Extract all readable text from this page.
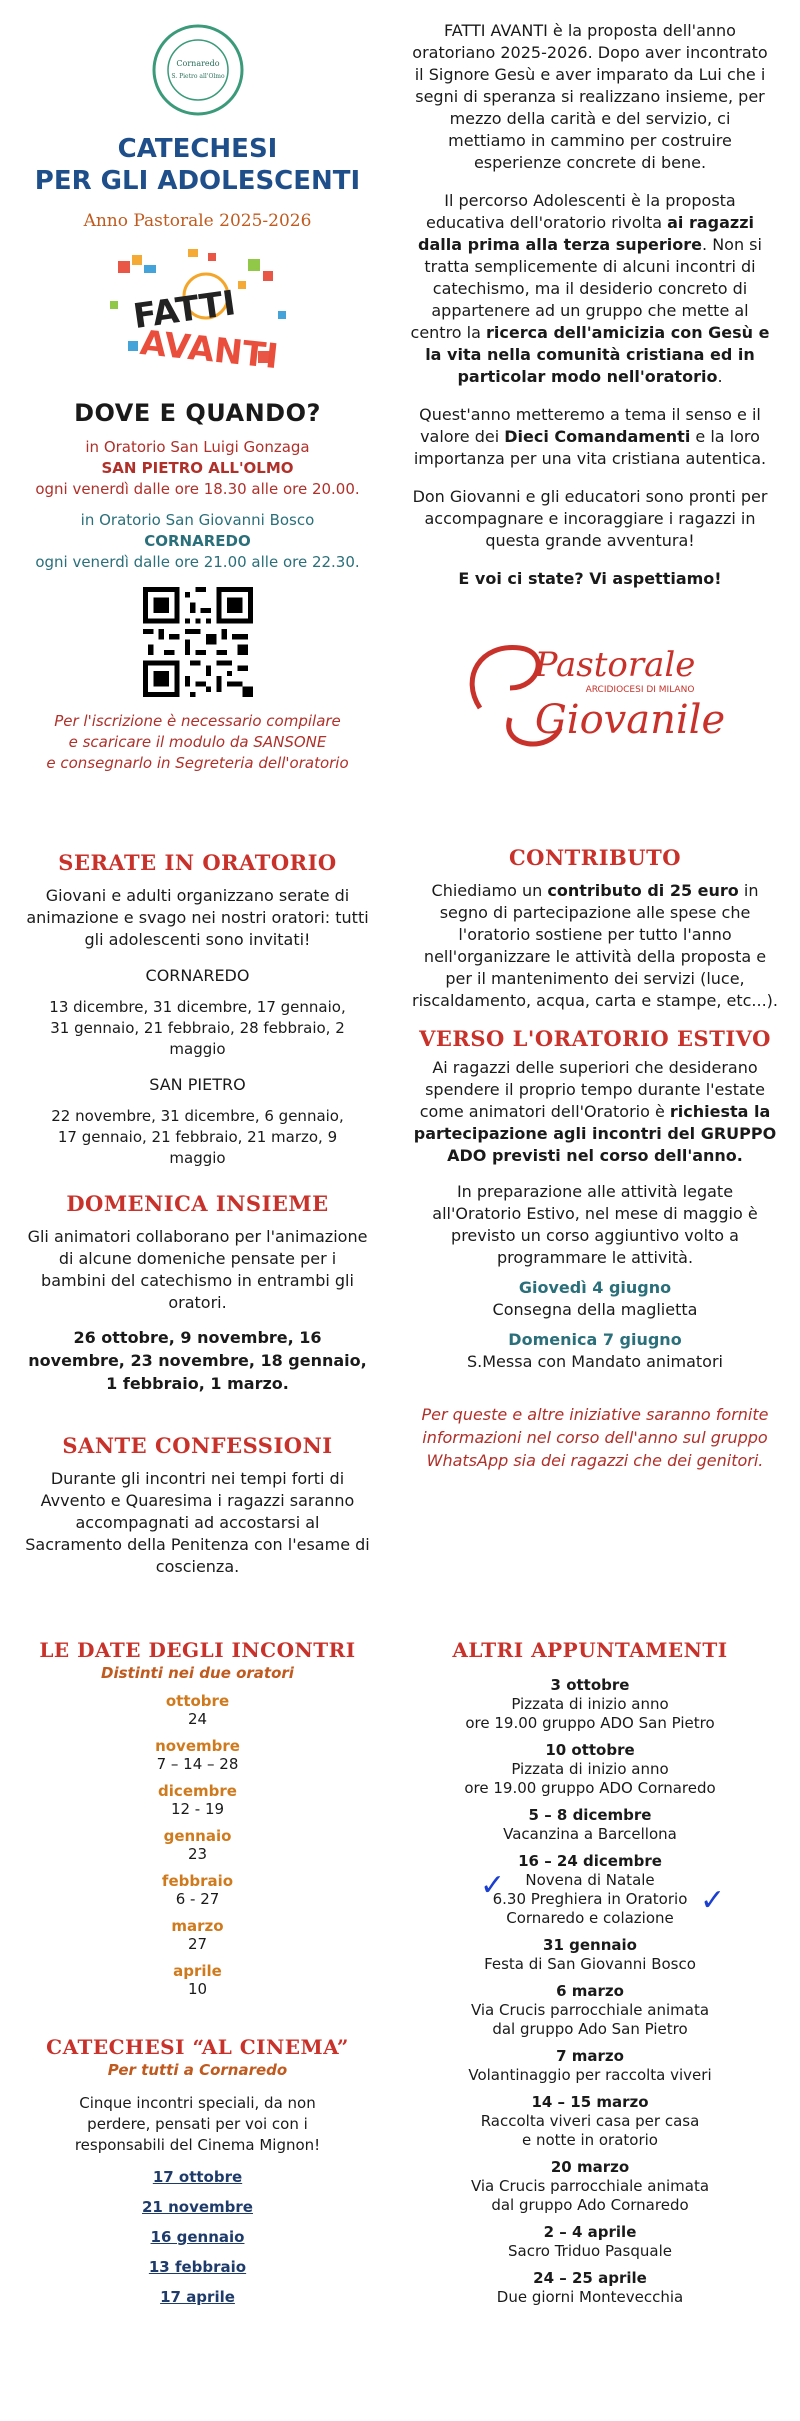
Cornaredo
S. Pietro all'Olmo
CATECHESI
PER GLI ADOLESCENTI
Anno Pastorale 2025-2026
FATTI
AVANTI
DOVE E QUANDO?
in Oratorio San Luigi Gonzaga
SAN PIETRO ALL'OLMO
ogni venerdì dalle ore 18.30 alle ore 20.00.
in Oratorio San Giovanni Bosco
CORNAREDO
ogni venerdì dalle ore 21.00 alle ore 22.30.
Per l'iscrizione è necessario compilare
e scaricare il modulo da SANSONE
e consegnarlo in Segreteria dell'oratorio

FATTI AVANTI è la proposta dell'anno oratoriano 2025-2026. Dopo aver incontrato il Signore Gesù e aver imparato da Lui che i segni di speranza si realizzano insieme, per mezzo della carità e del servizio, ci mettiamo in cammino per costruire esperienze concrete di bene.

Il percorso Adolescenti è la proposta educativa dell'oratorio rivolta ai ragazzi dalla prima alla terza superiore. Non si tratta semplicemente di alcuni incontri di catechismo, ma il desiderio concreto di appartenere ad un gruppo che mette al centro la ricerca dell'amicizia con Gesù e la vita nella comunità cristiana ed in particolar modo nell'oratorio.

Quest'anno metteremo a tema il senso e il valore dei Dieci Comandamenti e la loro importanza per una vita cristiana autentica.

Don Giovanni e gli educatori sono pronti per accompagnare e incoraggiare i ragazzi in questa grande avventura!

E voi ci state? Vi aspettiamo!

Pastorale
ARCIDIOCESI DI MILANO
Giovanile
SERATE IN ORATORIO

Giovani e adulti organizzano serate di animazione e svago nei nostri oratori: tutti gli adolescenti sono invitati!

CORNAREDO

13 dicembre, 31 dicembre, 17 gennaio, 31 gennaio, 21 febbraio, 28 febbraio, 2 maggio

SAN PIETRO

22 novembre, 31 dicembre, 6 gennaio, 17 gennaio, 21 febbraio, 21 marzo, 9 maggio

DOMENICA INSIEME

Gli animatori collaborano per l'animazione di alcune domeniche pensate per i bambini del catechismo in entrambi gli oratori.

26 ottobre, 9 novembre, 16 novembre, 23 novembre, 18 gennaio, 1 febbraio, 1 marzo.

SANTE CONFESSIONI

Durante gli incontri nei tempi forti di Avvento e Quaresima i ragazzi saranno accompagnati ad accostarsi al Sacramento della Penitenza con l'esame di coscienza.

CONTRIBUTO

Chiediamo un contributo di 25 euro in segno di partecipazione alle spese che l'oratorio sostiene per tutto l'anno nell'organizzare le attività della proposta e per il mantenimento dei servizi (luce, riscaldamento, acqua, carta e stampe, etc...).

VERSO L'ORATORIO ESTIVO

Ai ragazzi delle superiori che desiderano spendere il proprio tempo durante l'estate come animatori dell'Oratorio è richiesta la partecipazione agli incontri del GRUPPO ADO previsti nel corso dell'anno.

In preparazione alle attività legate all'Oratorio Estivo, nel mese di maggio è previsto un corso aggiuntivo volto a programmare le attività.

Giovedì 4 giugno
Consegna della maglietta
Domenica 7 giugno
S.Messa con Mandato animatori

Per queste e altre iniziative saranno fornite informazioni nel corso dell'anno sul gruppo WhatsApp sia dei ragazzi che dei genitori.

LE DATE DEGLI INCONTRI
Distinti nei due oratori
ottobre
24
novembre
7 – 14 – 28
dicembre
12 - 19
gennaio
23
febbraio
6 - 27
marzo
27
aprile
10
CATECHESI “AL CINEMA”
Per tutti a Cornaredo

Cinque incontri speciali, da non perdere, pensati per voi con i responsabili del Cinema Mignon!

17 ottobre
21 novembre
16 gennaio
13 febbraio
17 aprile
ALTRI APPUNTAMENTI
3 ottobre
Pizzata di inizio anno
ore 19.00 gruppo ADO San Pietro
10 ottobre
Pizzata di inizio anno
ore 19.00 gruppo ADO Cornaredo
5 – 8 dicembre
Vacanzina a Barcellona
16 – 24 dicembre
Novena di Natale
6.30 Preghiera in Oratorio
Cornaredo e colazione
31 gennaio
Festa di San Giovanni Bosco
6 marzo
Via Crucis parrocchiale animata
dal gruppo Ado San Pietro
7 marzo
Volantinaggio per raccolta viveri
14 – 15 marzo
Raccolta viveri casa per casa
e notte in oratorio
20 marzo
Via Crucis parrocchiale animata
dal gruppo Ado Cornaredo
2 – 4 aprile
Sacro Triduo Pasquale
24 – 25 aprile
Due giorni Montevecchia
✓	✓
